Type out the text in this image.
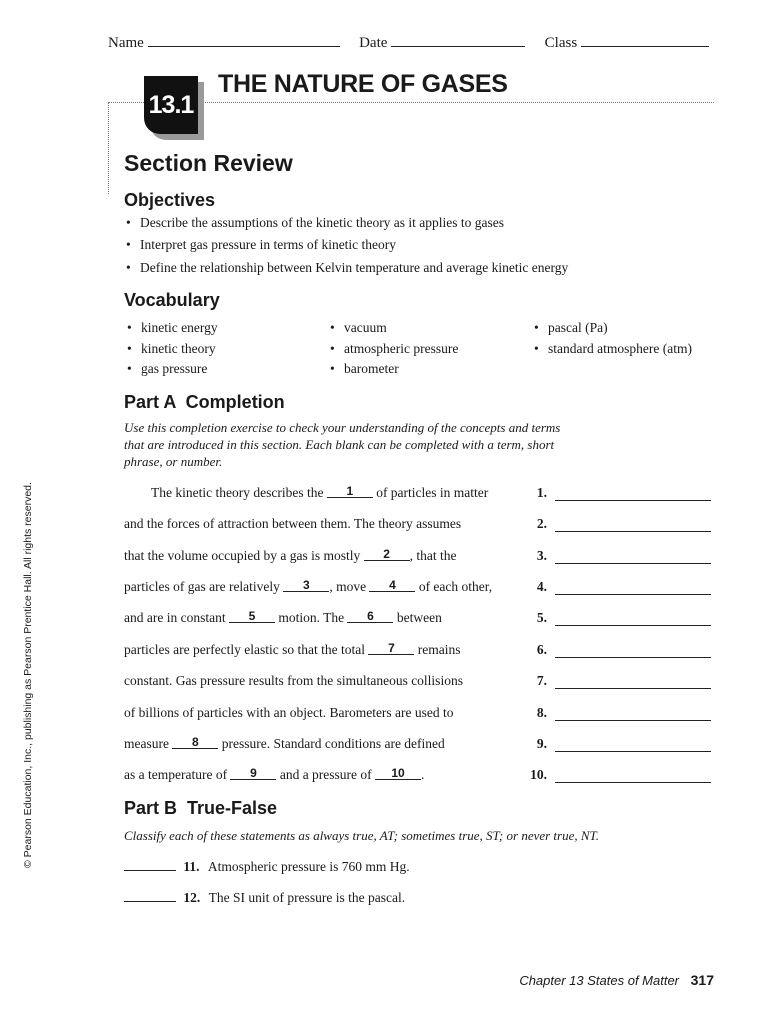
Name	Date	Class
13.1
THE NATURE OF GASES
Section Review
Objectives
• Describe the assumptions of the kinetic theory as it applies to gases
• Interpret gas pressure in terms of kinetic theory
• Define the relationship between Kelvin temperature and average kinetic energy
Vocabulary
• kinetic energy
• kinetic theory
• gas pressure
• vacuum
• atmospheric pressure
• barometer
• pascal (Pa)
• standard atmosphere (atm)
Part A  Completion
Use this completion exercise to check your understanding of the concepts and terms
that are introduced in this section. Each blank can be completed with a term, short
phrase, or number.
The kinetic theory describes the 1 of particles in matter
and the forces of attraction between them. The theory assumes
that the volume occupied by a gas is mostly 2 , that the
particles of gas are relatively 3 , move 4 of each other,
and are in constant 5 motion. The 6 between
particles are perfectly elastic so that the total 7 remains
constant. Gas pressure results from the simultaneous collisions
of billions of particles with an object. Barometers are used to
measure 8 pressure. Standard conditions are defined
as a temperature of 9 and a pressure of 10 .
1.
2.
3.
4.
5.
6.
7.
8.
9.
10.
Part B  True-False
Classify each of these statements as always true, AT; sometimes true, ST; or never true, NT.
11. Atmospheric pressure is 760 mm Hg.
12. The SI unit of pressure is the pascal.
© Pearson Education, Inc., publishing as Pearson Prentice Hall. All rights reserved.
Chapter 13 States of Matter 317
